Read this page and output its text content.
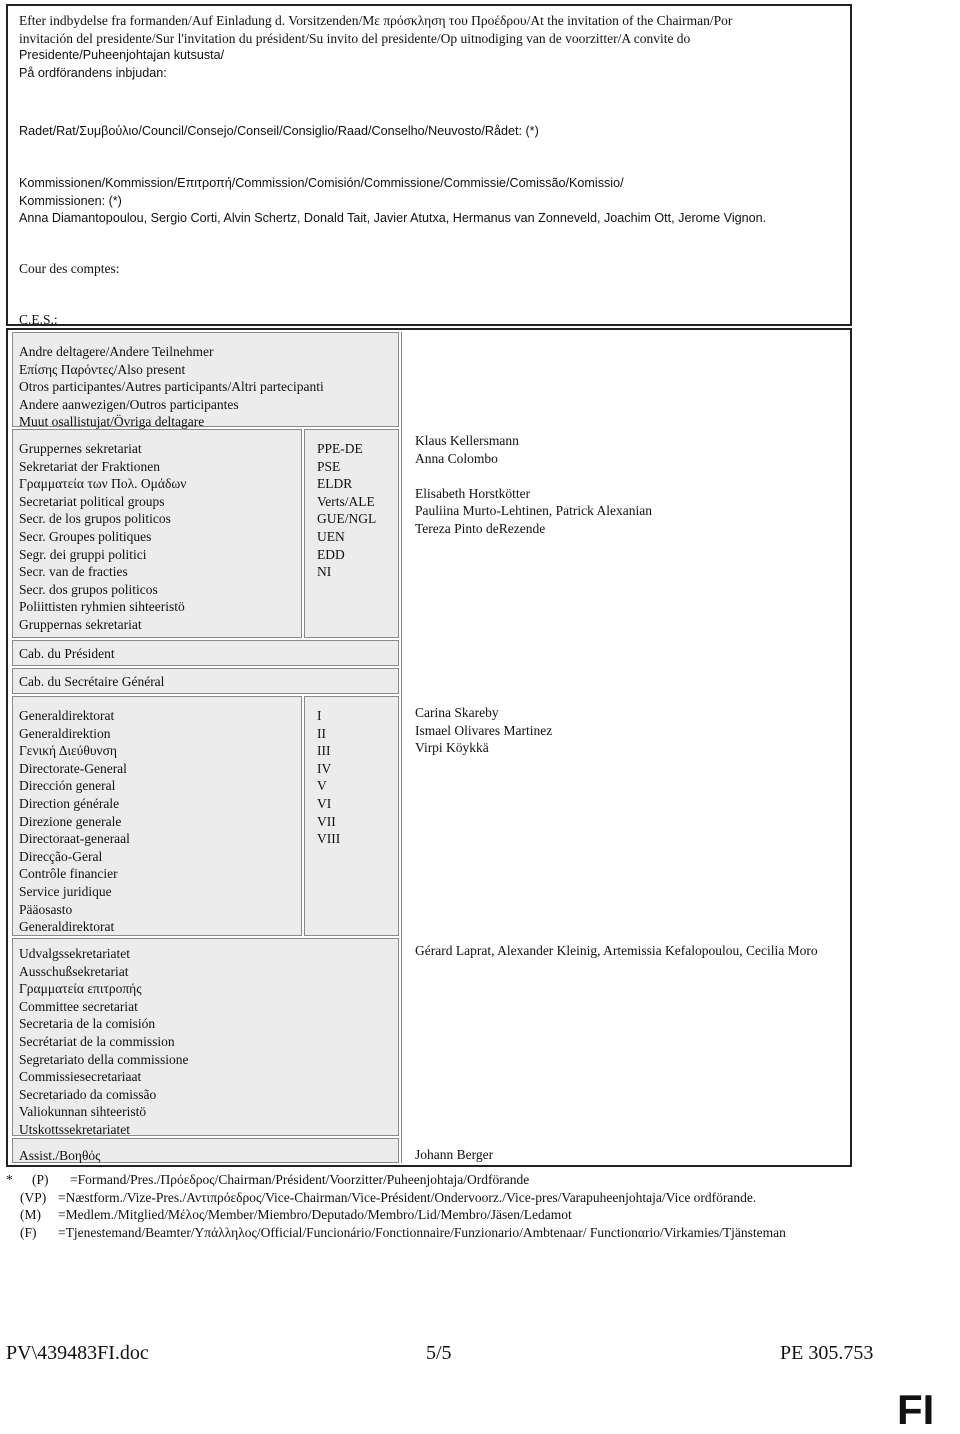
Efter indbydelse fra formanden/Auf Einladung d. Vorsitzenden/Με πρόσκληση του Προέδρου/At the invitation of the Chairman/Por
invitación del presidente/Sur l'invitation du président/Su invito del presidente/Op uitnodiging van de voorzitter/A convite do
Presidente/Puheenjohtajan kutsusta/
På ordförandens inbjudan:
Radet/Rat/Συμβούλιο/Council/Consejo/Conseil/Consiglio/Raad/Conselho/Neuvosto/Rådet: (*)
Kommissionen/Kommission/Επιτροπή/Commission/Comisión/Commissione/Commissie/Comissão/Komissio/
Kommissionen: (*)
Anna Diamantopoulou, Sergio Corti, Alvin Schertz, Donald Tait, Javier Atutxa, Hermanus van Zonneveld, Joachim Ott, Jerome Vignon.
Cour des comptes:
C.E.S.:
Andre deltagere/Andere Teilnehmer
Επίσης Παρόντες/Also present
Otros participantes/Autres participants/Altri partecipanti
Andere aanwezigen/Outros participantes
Muut osallistujat/Övriga deltagare
Gruppernes sekretariat
Sekretariat der Fraktionen
Γραμματεία των Πολ. Ομάδων
Secretariat political groups
Secr. de los grupos politicos
Secr. Groupes politiques
Segr. dei gruppi politici
Secr. van de fracties
Secr. dos grupos politicos
Poliittisten ryhmien sihteeristö
Gruppernas sekretariat
PPE-DE
PSE
ELDR
Verts/ALE
GUE/NGL
UEN
EDD
NI
Cab. du Président
Cab. du Secrétaire Général
Generaldirektorat
Generaldirektion
Γενική Διεύθυνση
Directorate-General
Dirección general
Direction générale
Direzione generale
Directoraat-generaal
Direcção-Geral
Contrôle financier
Service juridique
Pääosasto
Generaldirektorat
I
II
III
IV
V
VI
VII
VIII
Udvalgssekretariatet
Ausschußsekretariat
Γραμματεία επιτροπής
Committee secretariat
Secretaria de la comisión
Secrétariat de la commission
Segretariato della commissione
Commissiesecretariaat
Secretariado da comissão
Valiokunnan sihteeristö
Utskottssekretariatet
Assist./Βοηθός
Klaus Kellersmann
Anna Colombo
Elisabeth Horstkötter
Pauliina Murto-Lehtinen, Patrick Alexanian
Tereza Pinto deRezende
Carina Skareby
Ismael Olivares Martinez
Virpi Köykkä
Gérard Laprat, Alexander Kleinig, Artemissia Kefalopoulou, Cecilia Moro
Johann Berger
* (P) =Formand/Pres./Πρόεδρος/Chairman/Président/Voorzitter/Puheenjohtaja/Ordförande
(VP) =Næstform./Vize-Pres./Αντιπρόεδρος/Vice-Chairman/Vice-Président/Ondervoorz./Vice-pres/Varapuheenjohtaja/Vice ordförande.
(M) =Medlem./Mitglied/Μέλος/Member/Miembro/Deputado/Membro/Lid/Membro/Jäsen/Ledamot
(F) =Tjenestemand/Beamter/Υπάλληλος/Official/Funcionário/Fonctionnaire/Funzionario/Ambtenaar/ Functionαrio/Virkamies/Tjänsteman
PV\439483FI.doc	5/5	PE 305.753
FI
